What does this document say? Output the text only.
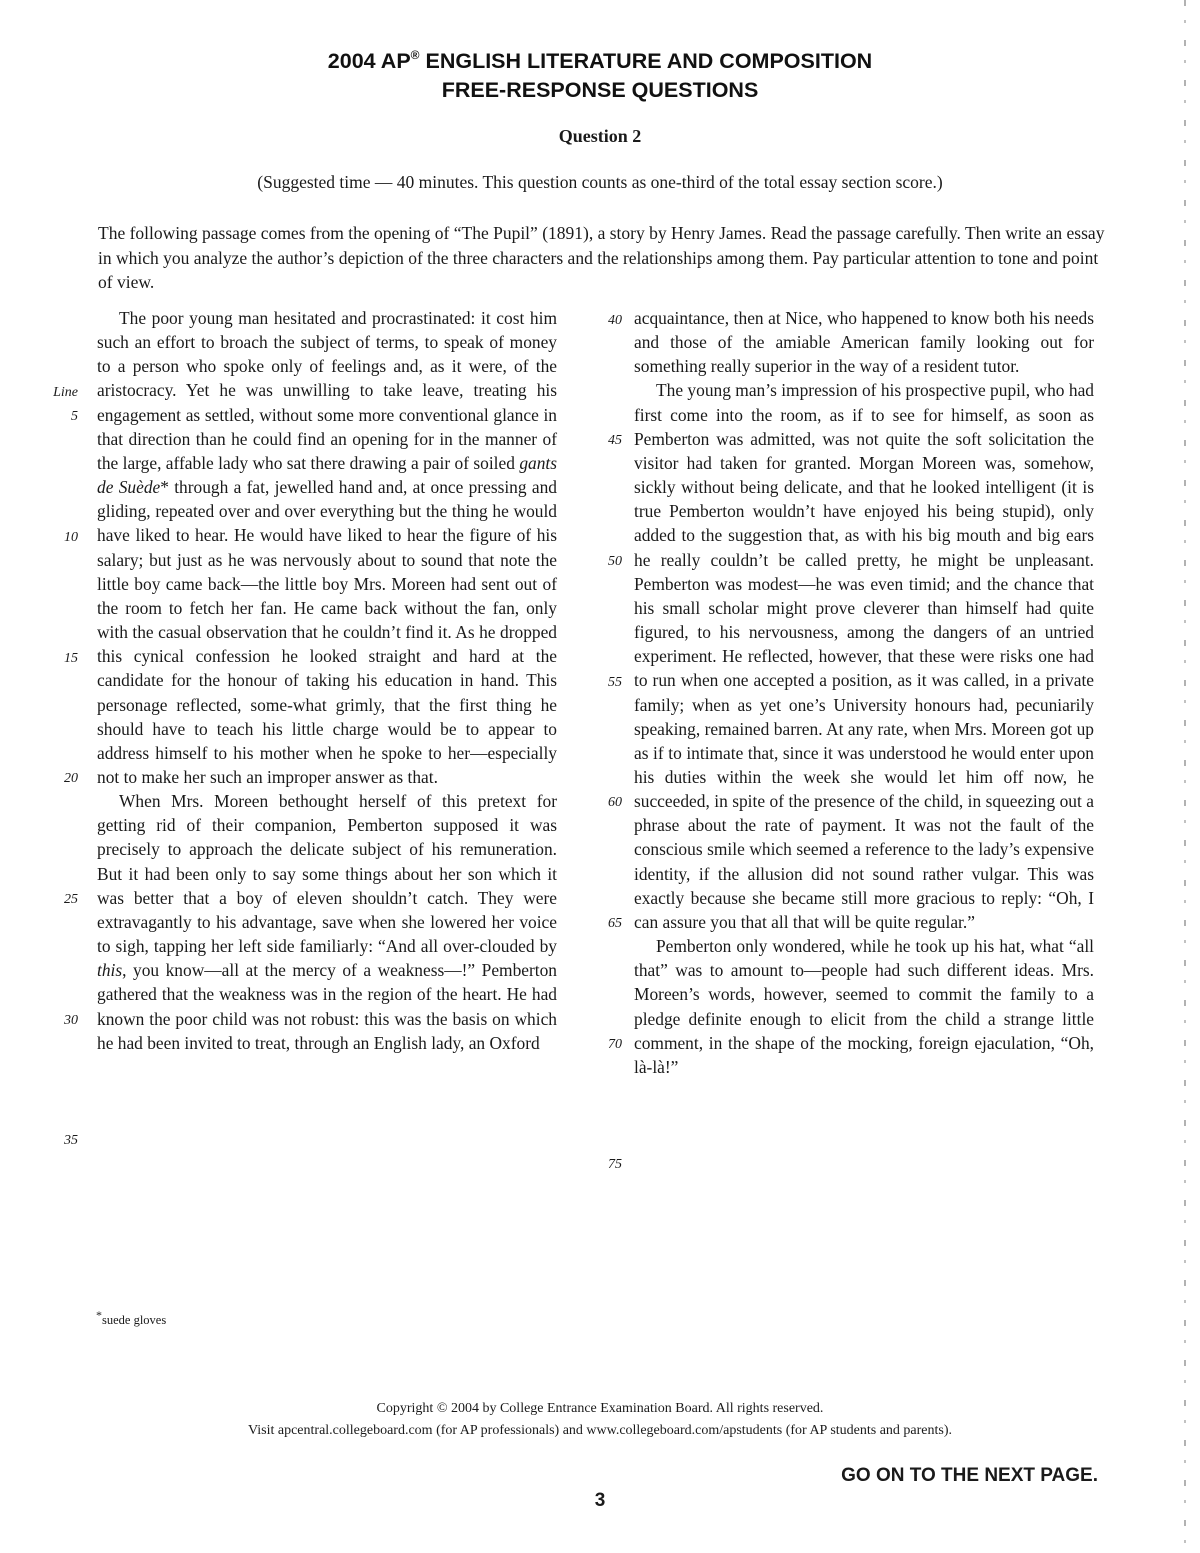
2004 AP® ENGLISH LITERATURE AND COMPOSITION
FREE-RESPONSE QUESTIONS
Question 2
(Suggested time — 40 minutes. This question counts as one-third of the total essay section score.)

The following passage comes from the opening of “The Pupil” (1891), a story by Henry James. Read the passage carefully. Then write an essay in which you analyze the author’s depiction of the three characters and the relationships among them. Pay particular attention to tone and point of view.

Line
5
10
15
20
25
30
35
40
45
50
55
60
65
70
75

The poor young man hesitated and procrastinated: it cost him such an effort to broach the subject of terms, to speak of money to a person who spoke only of feelings and, as it were, of the aristocracy. Yet he was unwilling to take leave, treating his engagement as settled, without some more conventional glance in that direction than he could find an opening for in the manner of the large, affable lady who sat there drawing a pair of soiled gants de Suède* through a fat, jewelled hand and, at once pressing and gliding, repeated over and over everything but the thing he would have liked to hear. He would have liked to hear the figure of his salary; but just as he was nervously about to sound that note the little boy came back—the little boy Mrs. Moreen had sent out of the room to fetch her fan. He came back without the fan, only with the casual observation that he couldn’t find it. As he dropped this cynical confession he looked straight and hard at the candidate for the honour of taking his education in hand. This personage reflected, some-what grimly, that the first thing he should have to teach his little charge would be to appear to address himself to his mother when he spoke to her—especially not to make her such an improper answer as that.

When Mrs. Moreen bethought herself of this pretext for getting rid of their companion, Pemberton supposed it was precisely to approach the delicate subject of his remuneration. But it had been only to say some things about her son which it was better that a boy of eleven shouldn’t catch. They were extravagantly to his advantage, save when she lowered her voice to sigh, tapping her left side familiarly: “And all over-clouded by this, you know—all at the mercy of a weakness—!” Pemberton gathered that the weakness was in the region of the heart. He had known the poor child was not robust: this was the basis on which he had been invited to treat, through an English lady, an Oxford

acquaintance, then at Nice, who happened to know both his needs and those of the amiable American family looking out for something really superior in the way of a resident tutor.

The young man’s impression of his prospective pupil, who had first come into the room, as if to see for himself, as soon as Pemberton was admitted, was not quite the soft solicitation the visitor had taken for granted. Morgan Moreen was, somehow, sickly without being delicate, and that he looked intelligent (it is true Pemberton wouldn’t have enjoyed his being stupid), only added to the suggestion that, as with his big mouth and big ears he really couldn’t be called pretty, he might be unpleasant. Pemberton was modest—he was even timid; and the chance that his small scholar might prove cleverer than himself had quite figured, to his nervousness, among the dangers of an untried experiment. He reflected, however, that these were risks one had to run when one accepted a position, as it was called, in a private family; when as yet one’s University honours had, pecuniarily speaking, remained barren. At any rate, when Mrs. Moreen got up as if to intimate that, since it was understood he would enter upon his duties within the week she would let him off now, he succeeded, in spite of the presence of the child, in squeezing out a phrase about the rate of payment. It was not the fault of the conscious smile which seemed a reference to the lady’s expensive identity, if the allusion did not sound rather vulgar. This was exactly because she became still more gracious to reply: “Oh, I can assure you that all that will be quite regular.”

Pemberton only wondered, while he took up his hat, what “all that” was to amount to—people had such different ideas. Mrs. Moreen’s words, however, seemed to commit the family to a pledge definite enough to elicit from the child a strange little comment, in the shape of the mocking, foreign ejaculation, “Oh, là-là!”

*suede gloves
Copyright © 2004 by College Entrance Examination Board. All rights reserved.
Visit apcentral.collegeboard.com (for AP professionals) and www.collegeboard.com/apstudents (for AP students and parents).
GO ON TO THE NEXT PAGE.
3
